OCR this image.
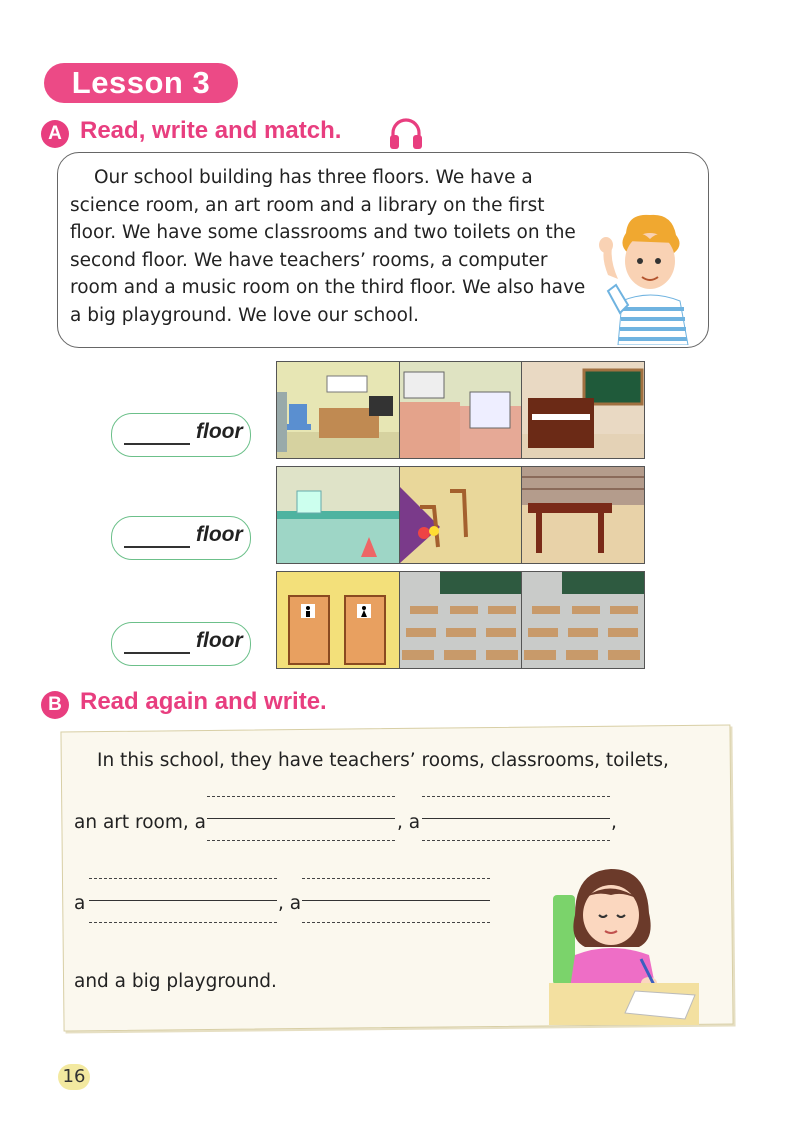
Lesson 3
A Read, write and match.
Our school building has three floors. We have a
science room, an art room and a library on the first
floor. We have some classrooms and two toilets on the
second floor. We have teachers’ rooms, a computer
room and a music room on the third floor. We also have
a big playground. We love our school.
floor
floor
floor
B Read again and write.
In this school, they have teachers’ rooms, classrooms, toilets,
an art room, a	, a	,
a	, a
and a big playground.
16
